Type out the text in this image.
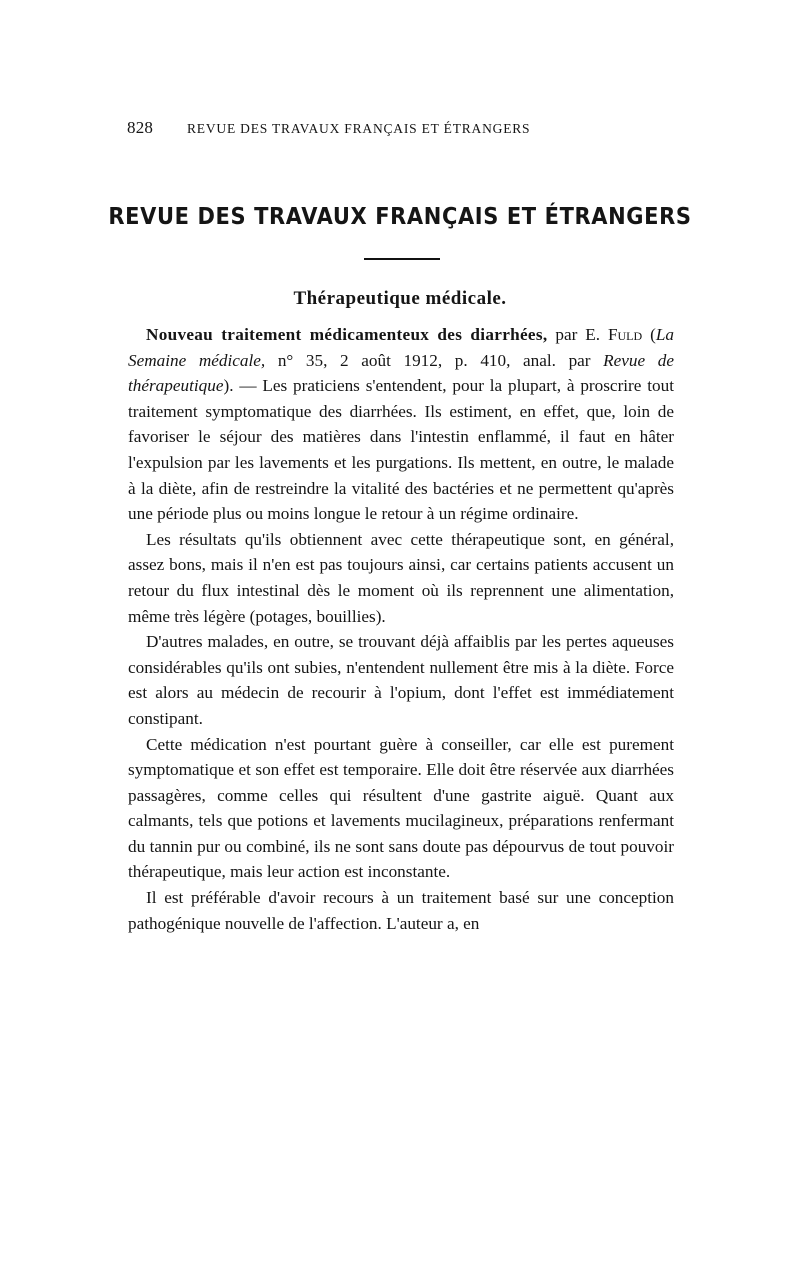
828	REVUE DES TRAVAUX FRANÇAIS ET ÉTRANGERS
REVUE DES TRAVAUX FRANÇAIS ET ÉTRANGERS
Thérapeutique médicale.

Nouveau traitement médicamenteux des diarrhées, par E. Fuld (La Semaine médicale, n° 35, 2 août 1912, p. 410, anal. par Revue de thérapeutique). — Les praticiens s'entendent, pour la plupart, à proscrire tout traitement symptomatique des diarrhées. Ils estiment, en effet, que, loin de favoriser le séjour des matières dans l'intestin enflammé, il faut en hâter l'expulsion par les lavements et les purgations. Ils mettent, en outre, le malade à la diète, afin de restreindre la vitalité des bactéries et ne permettent qu'après une période plus ou moins longue le retour à un régime ordinaire.

Les résultats qu'ils obtiennent avec cette thérapeutique sont, en général, assez bons, mais il n'en est pas toujours ainsi, car certains patients accusent un retour du flux intestinal dès le moment où ils reprennent une alimentation, même très légère (potages, bouillies).

D'autres malades, en outre, se trouvant déjà affaiblis par les pertes aqueuses considérables qu'ils ont subies, n'entendent nullement être mis à la diète. Force est alors au médecin de recourir à l'opium, dont l'effet est immédiatement constipant.

Cette médication n'est pourtant guère à conseiller, car elle est purement symptomatique et son effet est temporaire. Elle doit être réservée aux diarrhées passagères, comme celles qui résultent d'une gastrite aiguë. Quant aux calmants, tels que potions et lavements mucilagineux, préparations renfermant du tannin pur ou combiné, ils ne sont sans doute pas dépourvus de tout pouvoir thérapeutique, mais leur action est inconstante.

Il est préférable d'avoir recours à un traitement basé sur une conception pathogénique nouvelle de l'affection. L'auteur a, en
